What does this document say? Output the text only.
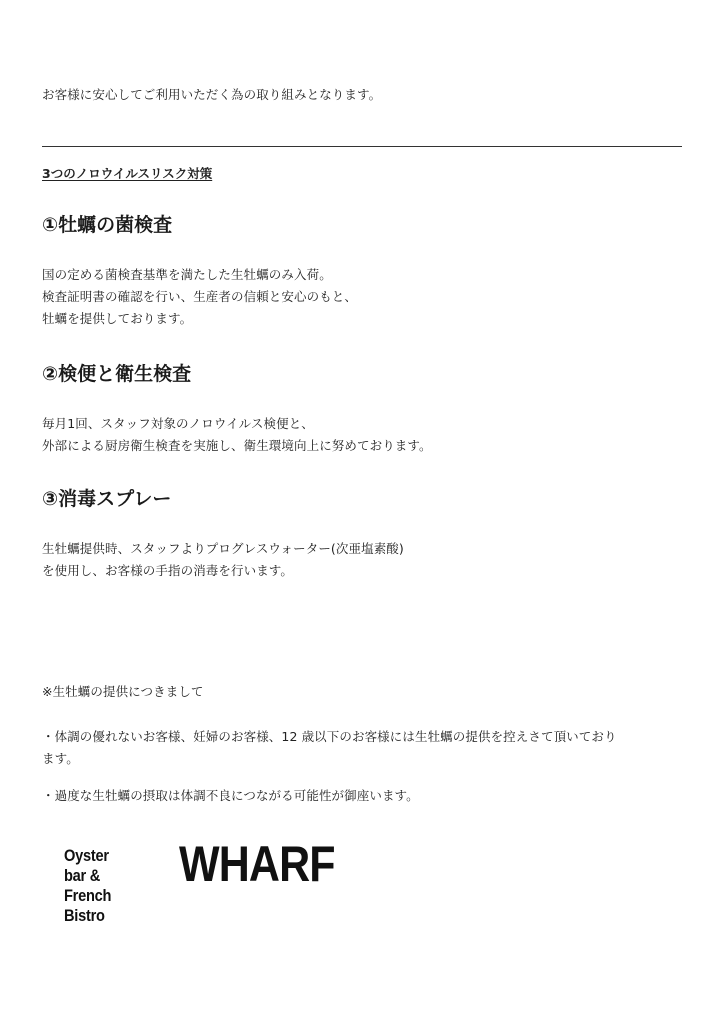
お客様に安心してご利用いただく為の取り組みとなります。
3つのノロウイルスリスク対策
①牡蠣の菌検査
国の定める菌検査基準を満たした生牡蠣のみ入荷。
検査証明書の確認を行い、生産者の信頼と安心のもと、
牡蠣を提供しております。
②検便と衛生検査
毎月1回、スタッフ対象のノロウイルス検便と、
外部による厨房衛生検査を実施し、衛生環境向上に努めております。
③消毒スプレー
生牡蠣提供時、スタッフよりプログレスウォーター(次亜塩素酸)
を使用し、お客様の手指の消毒を行います。
※生牡蠣の提供につきまして
・体調の優れないお客様、妊婦のお客様、12 歳以下のお客様には生牡蠣の提供を控えさて頂いており
ます。
・過度な生牡蠣の摂取は体調不良につながる可能性が御座います。
Oyster bar &
French Bistro
WHARF
